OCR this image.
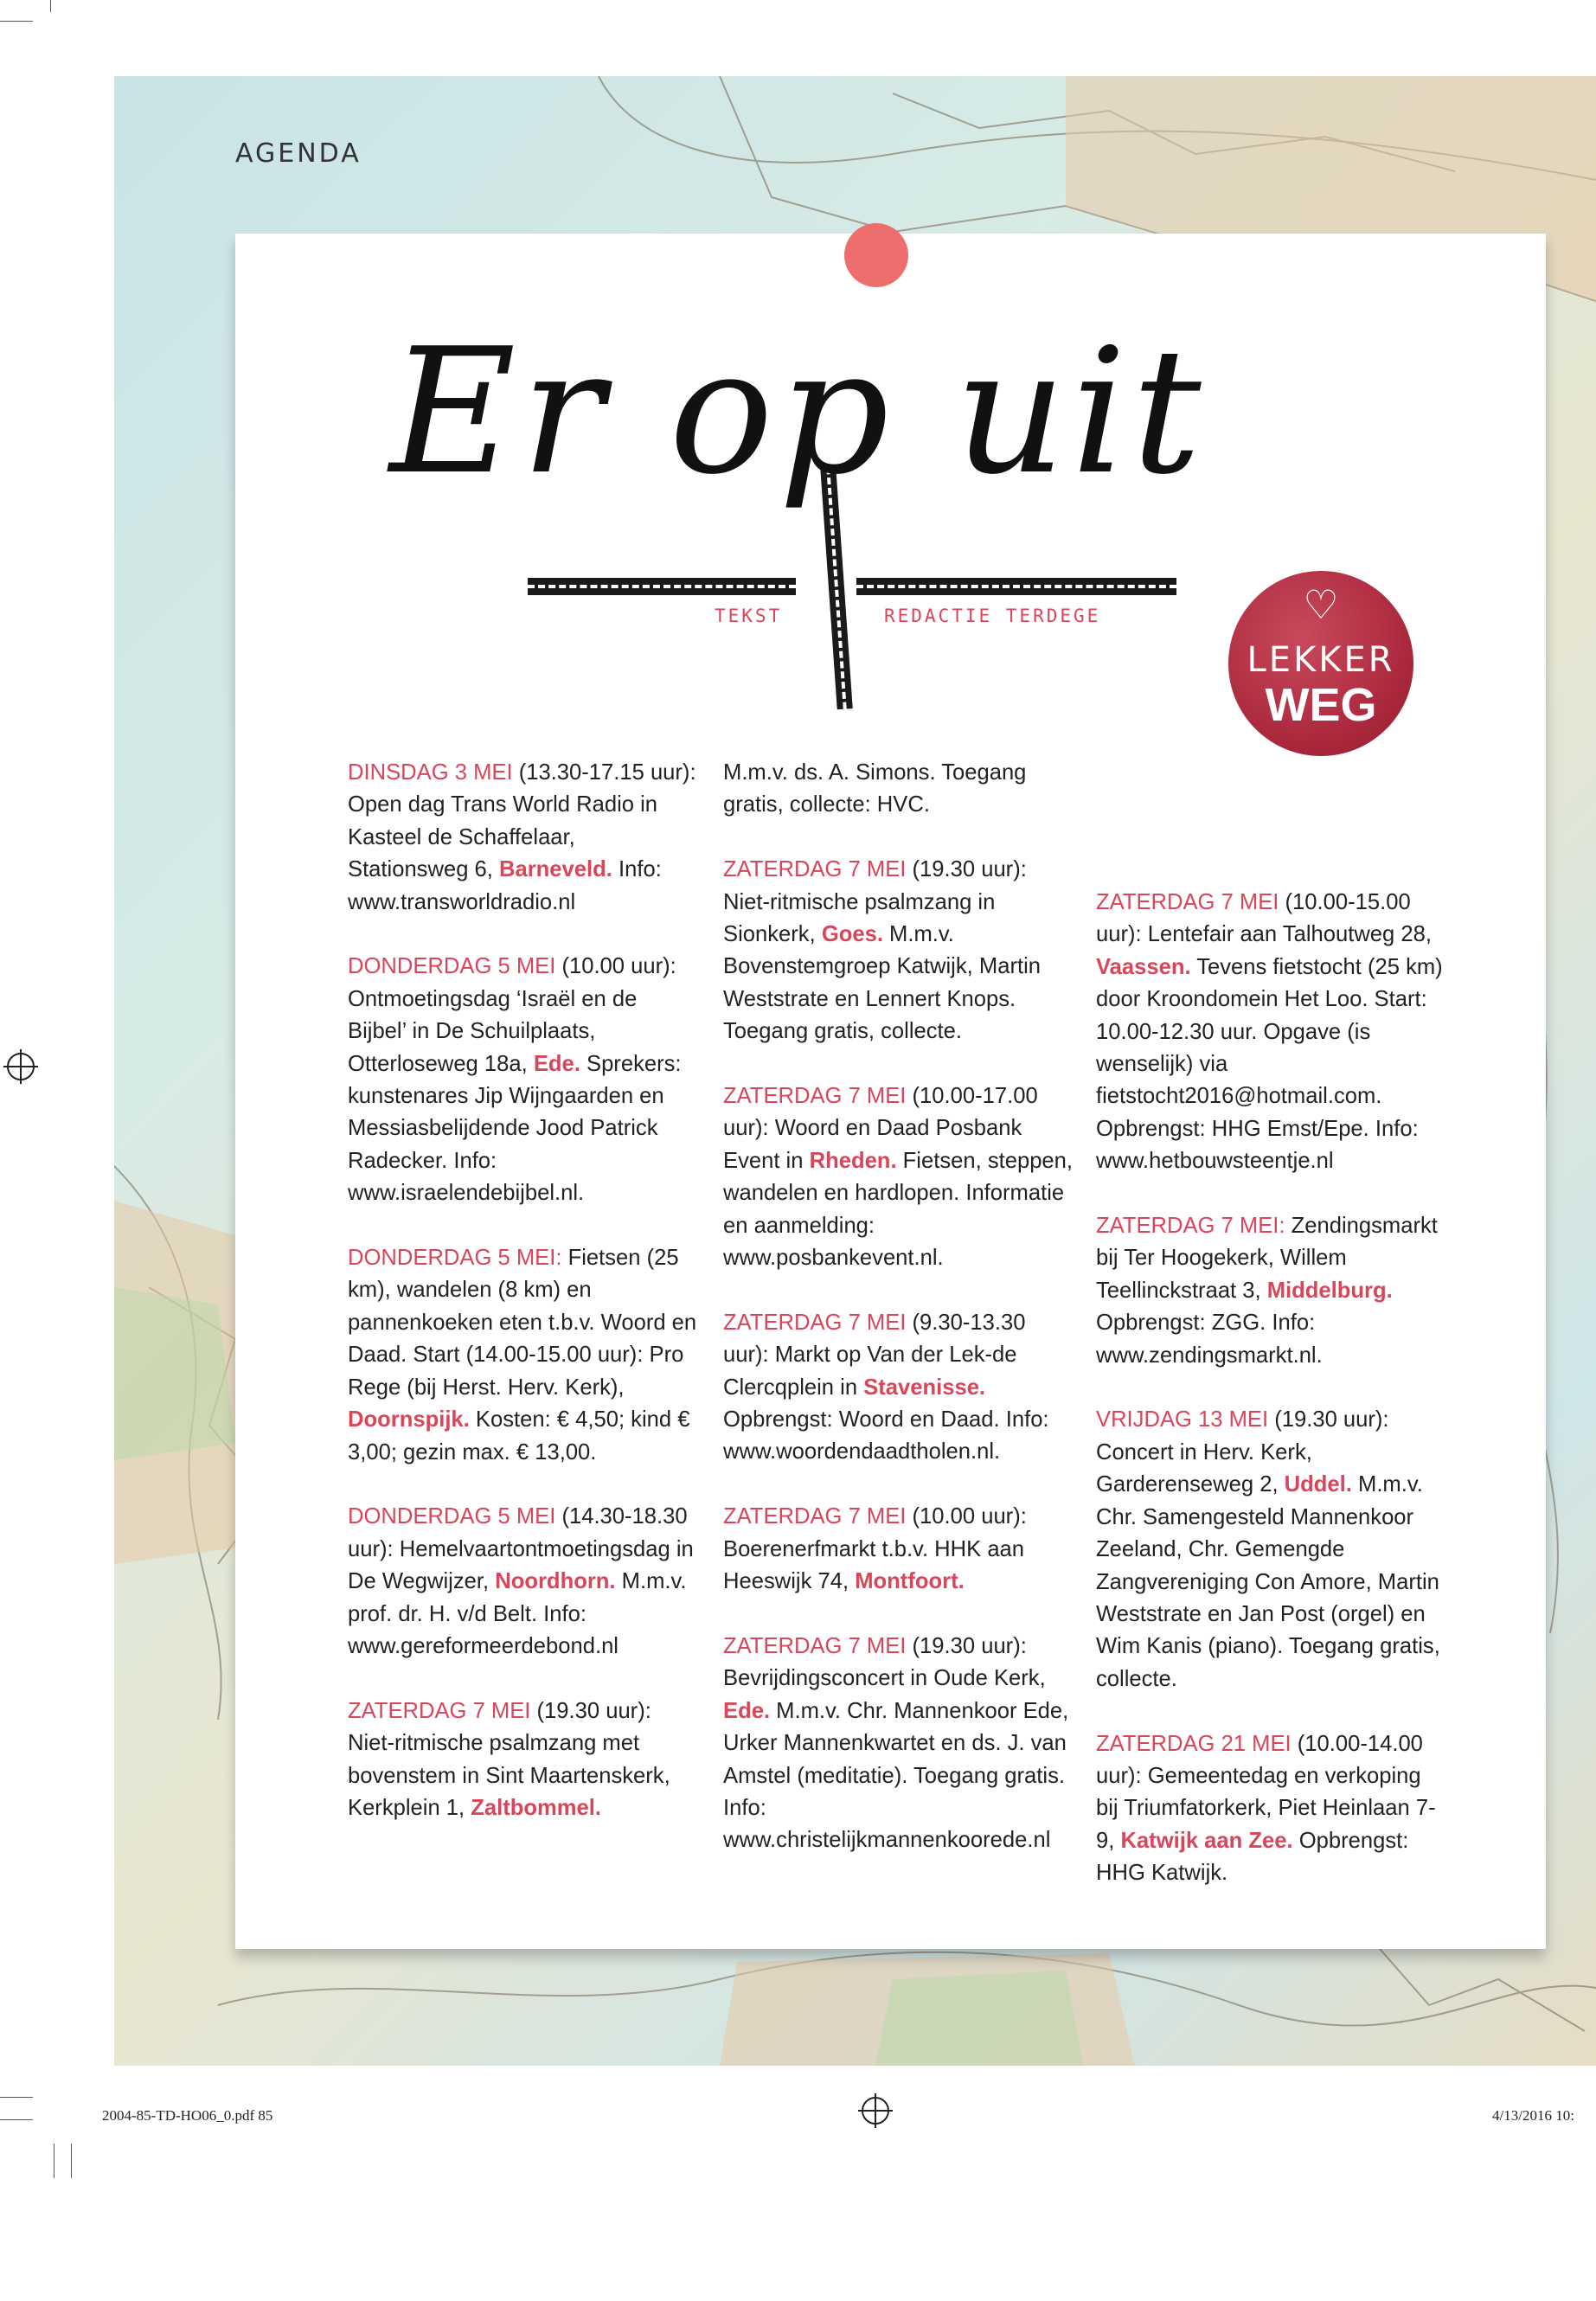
AGENDA
Er op uit
TEKST	REDACTIE TERDEGE	♡
LEKKER
WEG

DINSDAG 3 MEI (13.30-17.15 uur): Open dag Trans World Radio in Kasteel de Schaffelaar, Stationsweg 6, Barneveld. Info: www.transworldradio.nl

DONDERDAG 5 MEI (10.00 uur): Ontmoetingsdag ‘Israël en de Bijbel’ in De Schuilplaats, Otterloseweg 18a, Ede. Sprekers: kunstenares Jip Wijngaarden en Messiasbelijdende Jood Patrick Radecker. Info: www.israelendebijbel.nl.

DONDERDAG 5 MEI: Fietsen (25 km), wandelen (8 km) en pannenkoeken eten t.b.v. Woord en Daad. Start (14.00-15.00 uur): Pro Rege (bij Herst. Herv. Kerk), Doornspijk. Kosten: € 4,50; kind € 3,00; gezin max. € 13,00.

DONDERDAG 5 MEI (14.30-18.30 uur): Hemelvaartontmoetingsdag in De Wegwijzer, Noordhorn. M.m.v. prof. dr. H. v/d Belt. Info: www.gereformeerdebond.nl

ZATERDAG 7 MEI (19.30 uur): Niet-ritmische psalmzang met bovenstem in Sint Maartenskerk, Kerkplein 1, Zaltbommel.

M.m.v. ds. A. Simons. Toegang gratis, collecte: HVC.

ZATERDAG 7 MEI (19.30 uur): Niet-ritmische psalmzang in Sionkerk, Goes. M.m.v. Bovenstemgroep Katwijk, Martin Weststrate en Lennert Knops. Toegang gratis, collecte.

ZATERDAG 7 MEI (10.00-17.00 uur): Woord en Daad Posbank Event in Rheden. Fietsen, steppen, wandelen en hardlopen. Informatie en aanmelding: www.posbankevent.nl.

ZATERDAG 7 MEI (9.30-13.30 uur): Markt op Van der Lek-de Clercqplein in Stavenisse. Opbrengst: Woord en Daad. Info: www.woordendaadtholen.nl.

ZATERDAG 7 MEI (10.00 uur): Boerenerfmarkt t.b.v. HHK aan Heeswijk 74, Montfoort.

ZATERDAG 7 MEI (19.30 uur): Bevrijdingsconcert in Oude Kerk, Ede. M.m.v. Chr. Mannenkoor Ede, Urker Mannenkwartet en ds. J. van Amstel (meditatie). Toegang gratis. Info: www.christelijkmannenkoorede.nl

ZATERDAG 7 MEI (10.00-15.00 uur): Lentefair aan Talhoutweg 28, Vaassen. Tevens fietstocht (25 km) door Kroondomein Het Loo. Start: 10.00-12.30 uur. Opgave (is wenselijk) via fietstocht2016@hotmail.com. Opbrengst: HHG Emst/Epe. Info: www.hetbouwsteentje.nl

ZATERDAG 7 MEI: Zendingsmarkt bij Ter Hoogekerk, Willem Teellinckstraat 3, Middelburg. Opbrengst: ZGG. Info: www.zendingsmarkt.nl.

VRIJDAG 13 MEI (19.30 uur): Concert in Herv. Kerk, Garderenseweg 2, Uddel. M.m.v. Chr. Samengesteld Mannenkoor Zeeland, Chr. Gemengde Zangvereniging Con Amore, Martin Weststrate en Jan Post (orgel) en Wim Kanis (piano). Toegang gratis, collecte.

ZATERDAG 21 MEI (10.00-14.00 uur): Gemeentedag en verkoping bij Triumfatorkerk, Piet Heinlaan 7-9, Katwijk aan Zee. Opbrengst: HHG Katwijk.

2004-85-TD-HO06_0.pdf 85	4/13/2016 10:
